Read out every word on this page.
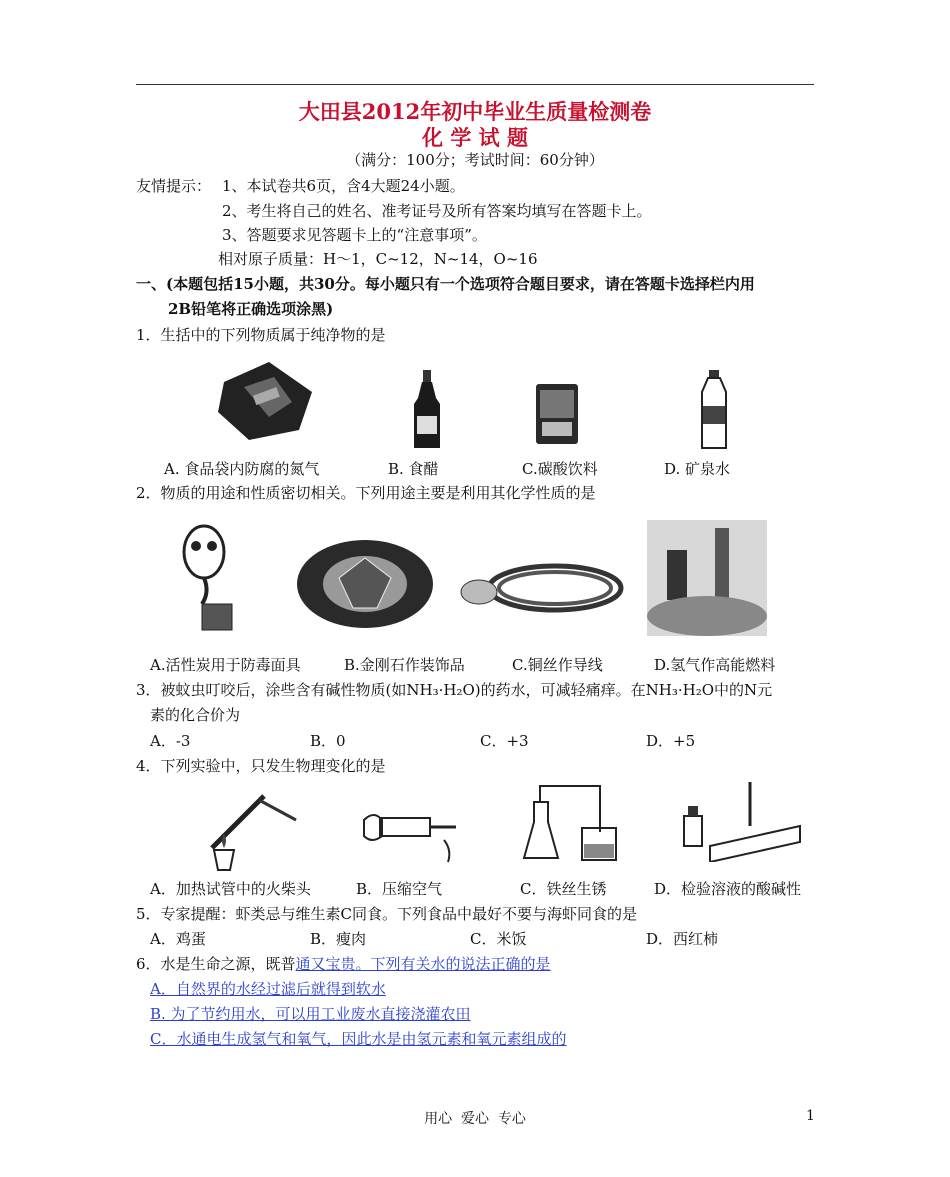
大田县2012年初中毕业生质量检测卷
化 学 试 题
（满分：100分；考试时间：60分钟）
友情提示： 1、本试卷共6页，含4大题24小题。
2、考生将自己的姓名、准考证号及所有答案均填写在答题卡上。
3、答题要求见答题卡上的“注意事项”。
相对原子质量：H～1，C~12，N~14，O~16
一、(本题包括15小题，共30分。每小题只有一个选项符合题目要求，请在答题卡选择栏内用
2B铅笔将正确选项涂黑)
1．生括中的下列物质属于纯净物的是
A. 食品袋内防腐的氮气	B. 食醋	C.碳酸饮料	D. 矿泉水
2．物质的用途和性质密切相关。下列用途主要是利用其化学性质的是
A.活性炭用于防毒面具	B.金刚石作装饰品	C.铜丝作导线	D.氢气作高能燃料
3．被蚊虫叮咬后，涂些含有碱性物质(如NH₃·H₂O)的药水，可减轻痛痒。在NH₃·H₂O中的N元
素的化合价为
A．-3	B．0	C．+3	D．+5
4．下列实验中，只发生物理变化的是
A．加热试管中的火柴头	B．压缩空气	C．铁丝生锈	D．检验溶液的酸碱性
5．专家提醒：虾类忌与维生素C同食。下列食品中最好不要与海虾同食的是
A．鸡蛋	B．瘦肉	C．米饭	D．西红柿
6．水是生命之源，既普通又宝贵。下列有关水的说法正确的是
A．自然界的水经过滤后就得到软水
B. 为了节约用水，可以用工业废水直接浇灌农田
C．水通电生成氢气和氧气，因此水是由氢元素和氧元素组成的
用心  爱心  专心	1
